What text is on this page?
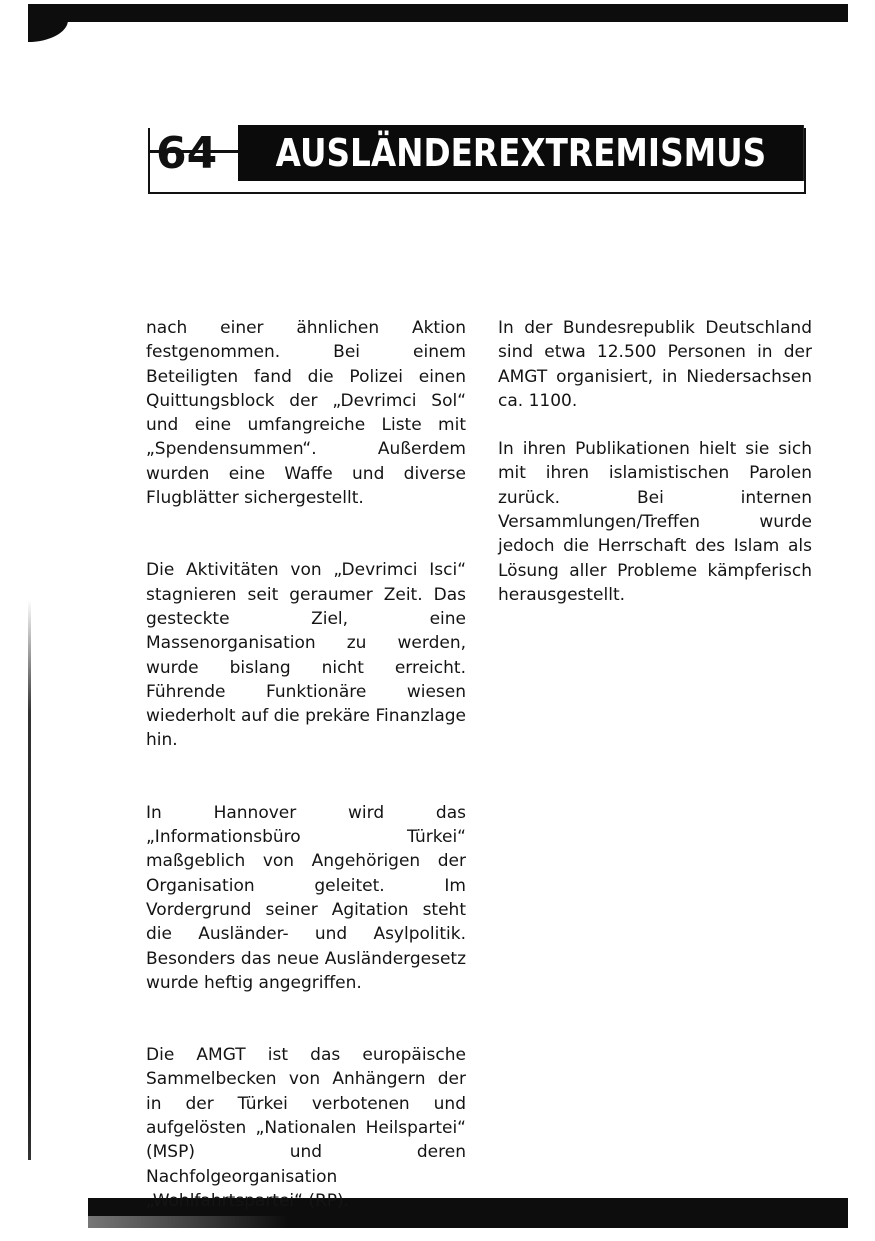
64	AUSLÄNDEREXTREMISMUS

nach einer ähnlichen Aktion festgenommen. Bei einem Beteiligten fand die Polizei einen Quittungsblock der „Devrimci Sol“ und eine umfangreiche Liste mit „Spendensummen“. Außerdem wurden eine Waffe und diverse Flugblätter sichergestellt.

Die Aktivitäten von „Devrimci Isci“ stagnieren seit geraumer Zeit. Das gesteckte Ziel, eine Massenorganisation zu werden, wurde bislang nicht erreicht. Führende Funktionäre wiesen wiederholt auf die prekäre Finanzlage hin.

In Hannover wird das „Informationsbüro Türkei“ maßgeblich von Angehörigen der Organisation geleitet. Im Vordergrund seiner Agitation steht die Ausländer- und Asylpolitik. Besonders das neue Ausländergesetz wurde heftig angegriffen.

Die AMGT ist das europäische Sammelbecken von Anhängern der in der Türkei verbotenen und aufgelösten „Nationalen Heilspartei“ (MSP) und deren Nachfolgeorganisation „Wohlfahrtspartei“ (RP).

In der Bundesrepublik Deutschland sind etwa 12.500 Personen in der AMGT organisiert, in Niedersachsen ca. 1100.

In ihren Publikationen hielt sie sich mit ihren islamistischen Parolen zurück. Bei internen Versammlungen/Treffen wurde jedoch die Herrschaft des Islam als Lösung aller Probleme kämpferisch herausgestellt.
